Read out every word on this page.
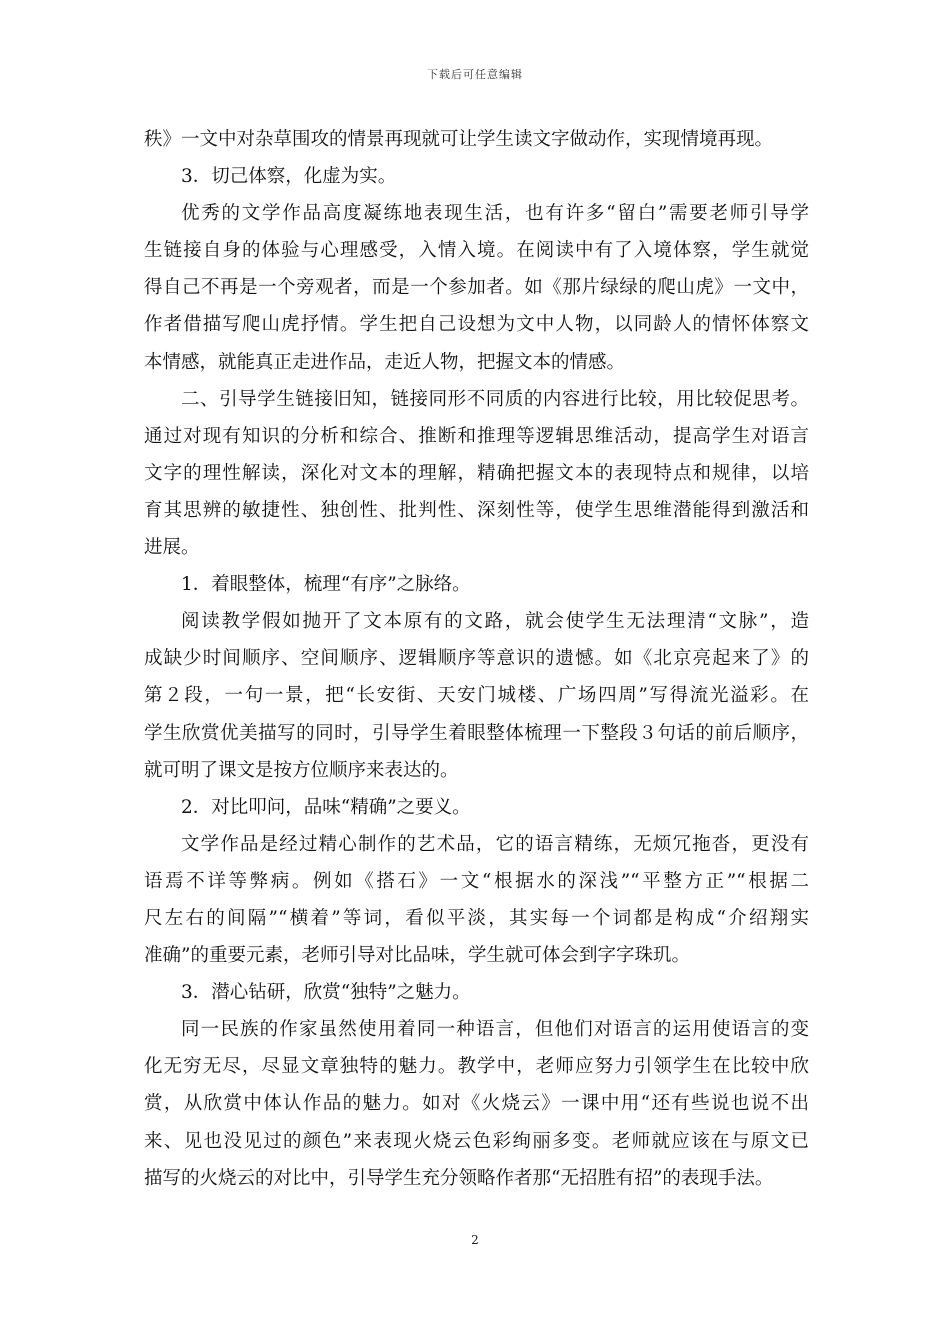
下载后可任意编辑
秩》一文中对杂草围攻的情景再现就可让学生读文字做动作，实现情境再现。
3．切己体察，化虚为实。
优秀的文学作品高度凝练地表现生活，也有许多“留白”需要老师引导学
生链接自身的体验与心理感受，入情入境。在阅读中有了入境体察，学生就觉
得自己不再是一个旁观者，而是一个参加者。如《那片绿绿的爬山虎》一文中，
作者借描写爬山虎抒情。学生把自己设想为文中人物，以同龄人的情怀体察文
本情感，就能真正走进作品，走近人物，把握文本的情感。
二、引导学生链接旧知，链接同形不同质的内容进行比较，用比较促思考。
通过对现有知识的分析和综合、推断和推理等逻辑思维活动，提高学生对语言
文字的理性解读，深化对文本的理解，精确把握文本的表现特点和规律，以培
育其思辨的敏捷性、独创性、批判性、深刻性等，使学生思维潜能得到激活和
进展。
1．着眼整体，梳理“有序”之脉络。
阅读教学假如抛开了文本原有的文路，就会使学生无法理清“文脉”，造
成缺少时间顺序、空间顺序、逻辑顺序等意识的遗憾。如《北京亮起来了》的
第２段，一句一景，把“长安街、天安门城楼、广场四周”写得流光溢彩。在
学生欣赏优美描写的同时，引导学生着眼整体梳理一下整段３句话的前后顺序，
就可明了课文是按方位顺序来表达的。
2．对比叩问，品味“精确”之要义。
文学作品是经过精心制作的艺术品，它的语言精练，无烦冗拖沓，更没有
语焉不详等弊病。例如《搭石》一文“根据水的深浅”“平整方正”“根据二
尺左右的间隔”“横着”等词，看似平淡，其实每一个词都是构成“介绍翔实
准确”的重要元素，老师引导对比品味，学生就可体会到字字珠玑。
3．潜心钻研，欣赏“独特”之魅力。
同一民族的作家虽然使用着同一种语言，但他们对语言的运用使语言的变
化无穷无尽，尽显文章独特的魅力。教学中，老师应努力引领学生在比较中欣
赏，从欣赏中体认作品的魅力。如对《火烧云》一课中用“还有些说也说不出
来、见也没见过的颜色”来表现火烧云色彩绚丽多变。老师就应该在与原文已
描写的火烧云的对比中，引导学生充分领略作者那“无招胜有招”的表现手法。
2
